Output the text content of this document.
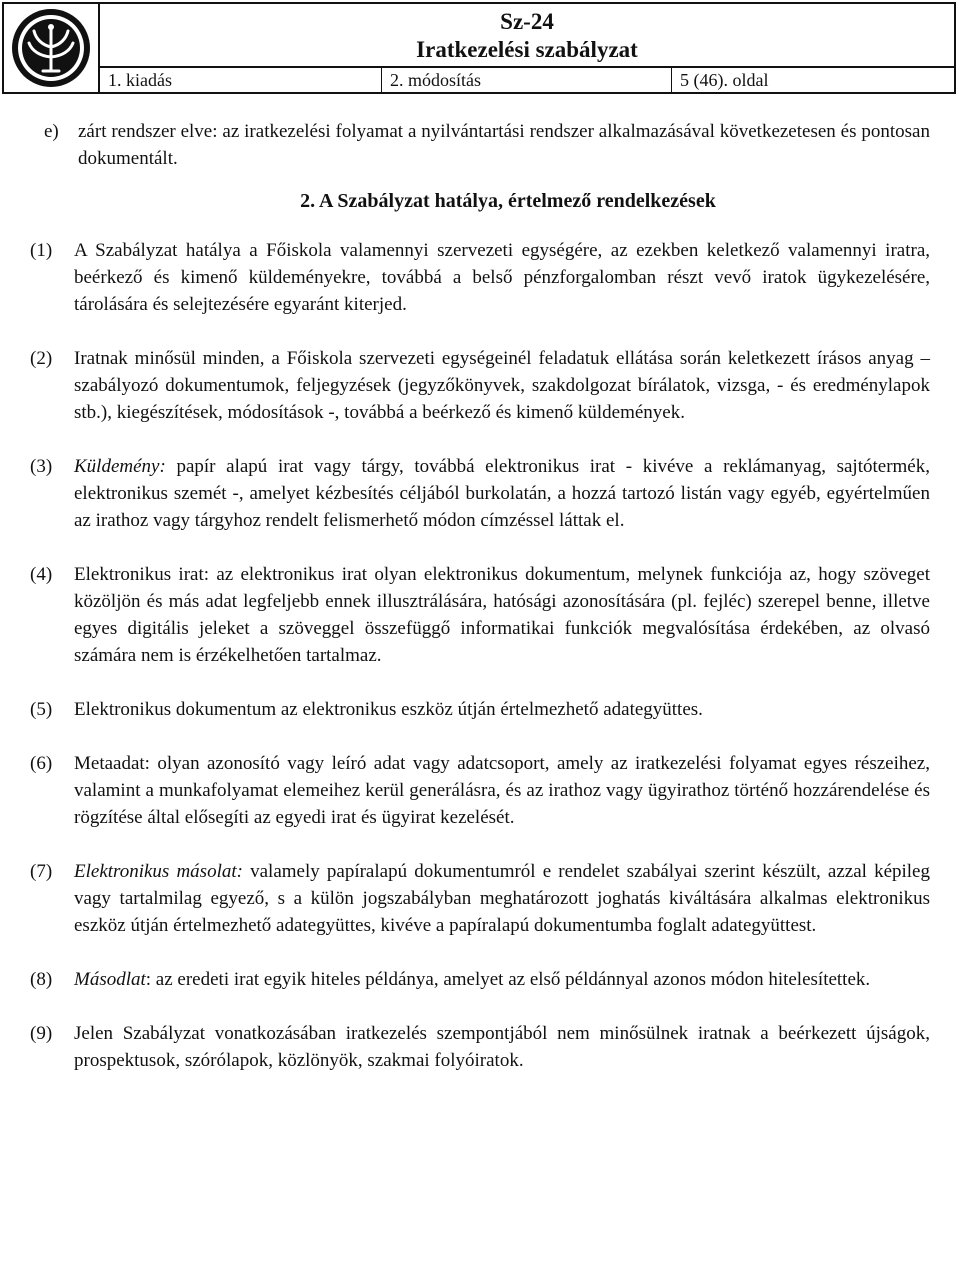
Sz-24
Iratkezelési szabályzat
1. kiadás	2. módosítás	5 (46). oldal
e)	zárt rendszer elve: az iratkezelési folyamat a nyilvántartási rendszer alkalmazásával következetesen és pontosan dokumentált.
2. A Szabályzat hatálya, értelmező rendelkezések
(1)	A Szabályzat hatálya a Főiskola valamennyi szervezeti egységére, az ezekben keletkező valamennyi iratra, beérkező és kimenő küldeményekre, továbbá a belső pénzforgalomban részt vevő iratok ügykezelésére, tárolására és selejtezésére egyaránt kiterjed.
(2)	Iratnak minősül minden, a Főiskola szervezeti egységeinél feladatuk ellátása során keletkezett írásos anyag – szabályozó dokumentumok, feljegyzések (jegyzőkönyvek, szakdolgozat bírálatok, vizsga, - és eredménylapok stb.), kiegészítések, módosítások -, továbbá a beérkező és kimenő küldemények.
(3)	Küldemény: papír alapú irat vagy tárgy, továbbá elektronikus irat - kivéve a reklámanyag, sajtótermék, elektronikus szemét -, amelyet kézbesítés céljából burkolatán, a hozzá tartozó listán vagy egyéb, egyértelműen az irathoz vagy tárgyhoz rendelt felismerhető módon címzéssel láttak el.
(4)	Elektronikus irat: az elektronikus irat olyan elektronikus dokumentum, melynek funkciója az, hogy szöveget közöljön és más adat legfeljebb ennek illusztrálására, hatósági azonosítására (pl. fejléc) szerepel benne, illetve egyes digitális jeleket a szöveggel összefüggő informatikai funkciók megvalósítása érdekében, az olvasó számára nem is érzékelhetően tartalmaz.
(5)	Elektronikus dokumentum az elektronikus eszköz útján értelmezhető adategyüttes.
(6)	Metaadat: olyan azonosító vagy leíró adat vagy adatcsoport, amely az iratkezelési folyamat egyes részeihez, valamint a munkafolyamat elemeihez kerül generálásra, és az irathoz vagy ügyirathoz történő hozzárendelése és rögzítése által elősegíti az egyedi irat és ügyirat kezelését.
(7)	Elektronikus másolat: valamely papíralapú dokumentumról e rendelet szabályai szerint készült, azzal képileg vagy tartalmilag egyező, s a külön jogszabályban meghatározott joghatás kiváltására alkalmas elektronikus eszköz útján értelmezhető adategyüttes, kivéve a papíralapú dokumentumba foglalt adategyüttest.
(8)	Másodlat: az eredeti irat egyik hiteles példánya, amelyet az első példánnyal azonos módon hitelesítettek.
(9)	Jelen Szabályzat vonatkozásában iratkezelés szempontjából nem minősülnek iratnak a beérkezett újságok, prospektusok, szórólapok, közlönyök, szakmai folyóiratok.
